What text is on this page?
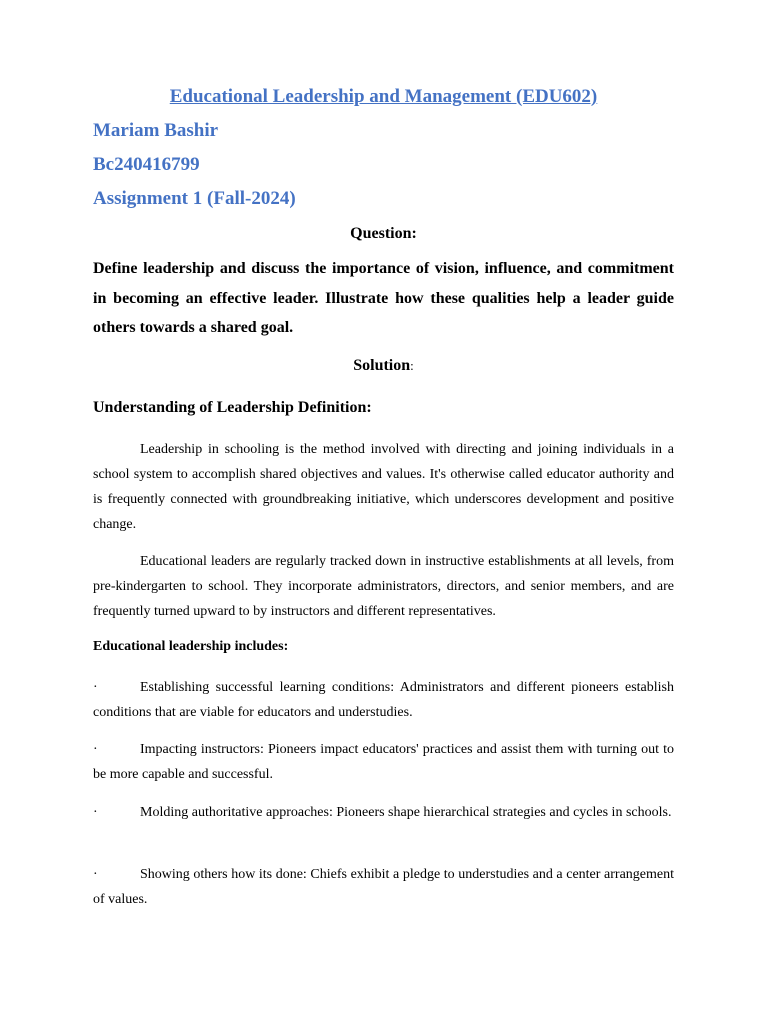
Educational Leadership and Management (EDU602)

Mariam Bashir

Bc240416799

Assignment 1 (Fall-2024)

Question:

Define leadership and discuss the importance of vision, influence, and commitment in becoming an effective leader. Illustrate how these qualities help a leader guide others towards a shared goal.

Solution:

Understanding of Leadership Definition:

Leadership in schooling is the method involved with directing and joining individuals in a school system to accomplish shared objectives and values. It's otherwise called educator authority and is frequently connected with groundbreaking initiative, which underscores development and positive change.

Educational leaders are regularly tracked down in instructive establishments at all levels, from pre-kindergarten to school. They incorporate administrators, directors, and senior members, and are frequently turned upward to by instructors and different representatives.

Educational leadership includes:

·	Establishing successful learning conditions: Administrators and different pioneers establish conditions that are viable for educators and understudies.

·	Impacting instructors: Pioneers impact educators' practices and assist them with turning out to be more capable and successful.

·	Molding authoritative approaches: Pioneers shape hierarchical strategies and cycles in schools.

·	Showing others how its done: Chiefs exhibit a pledge to understudies and a center arrangement of values.
